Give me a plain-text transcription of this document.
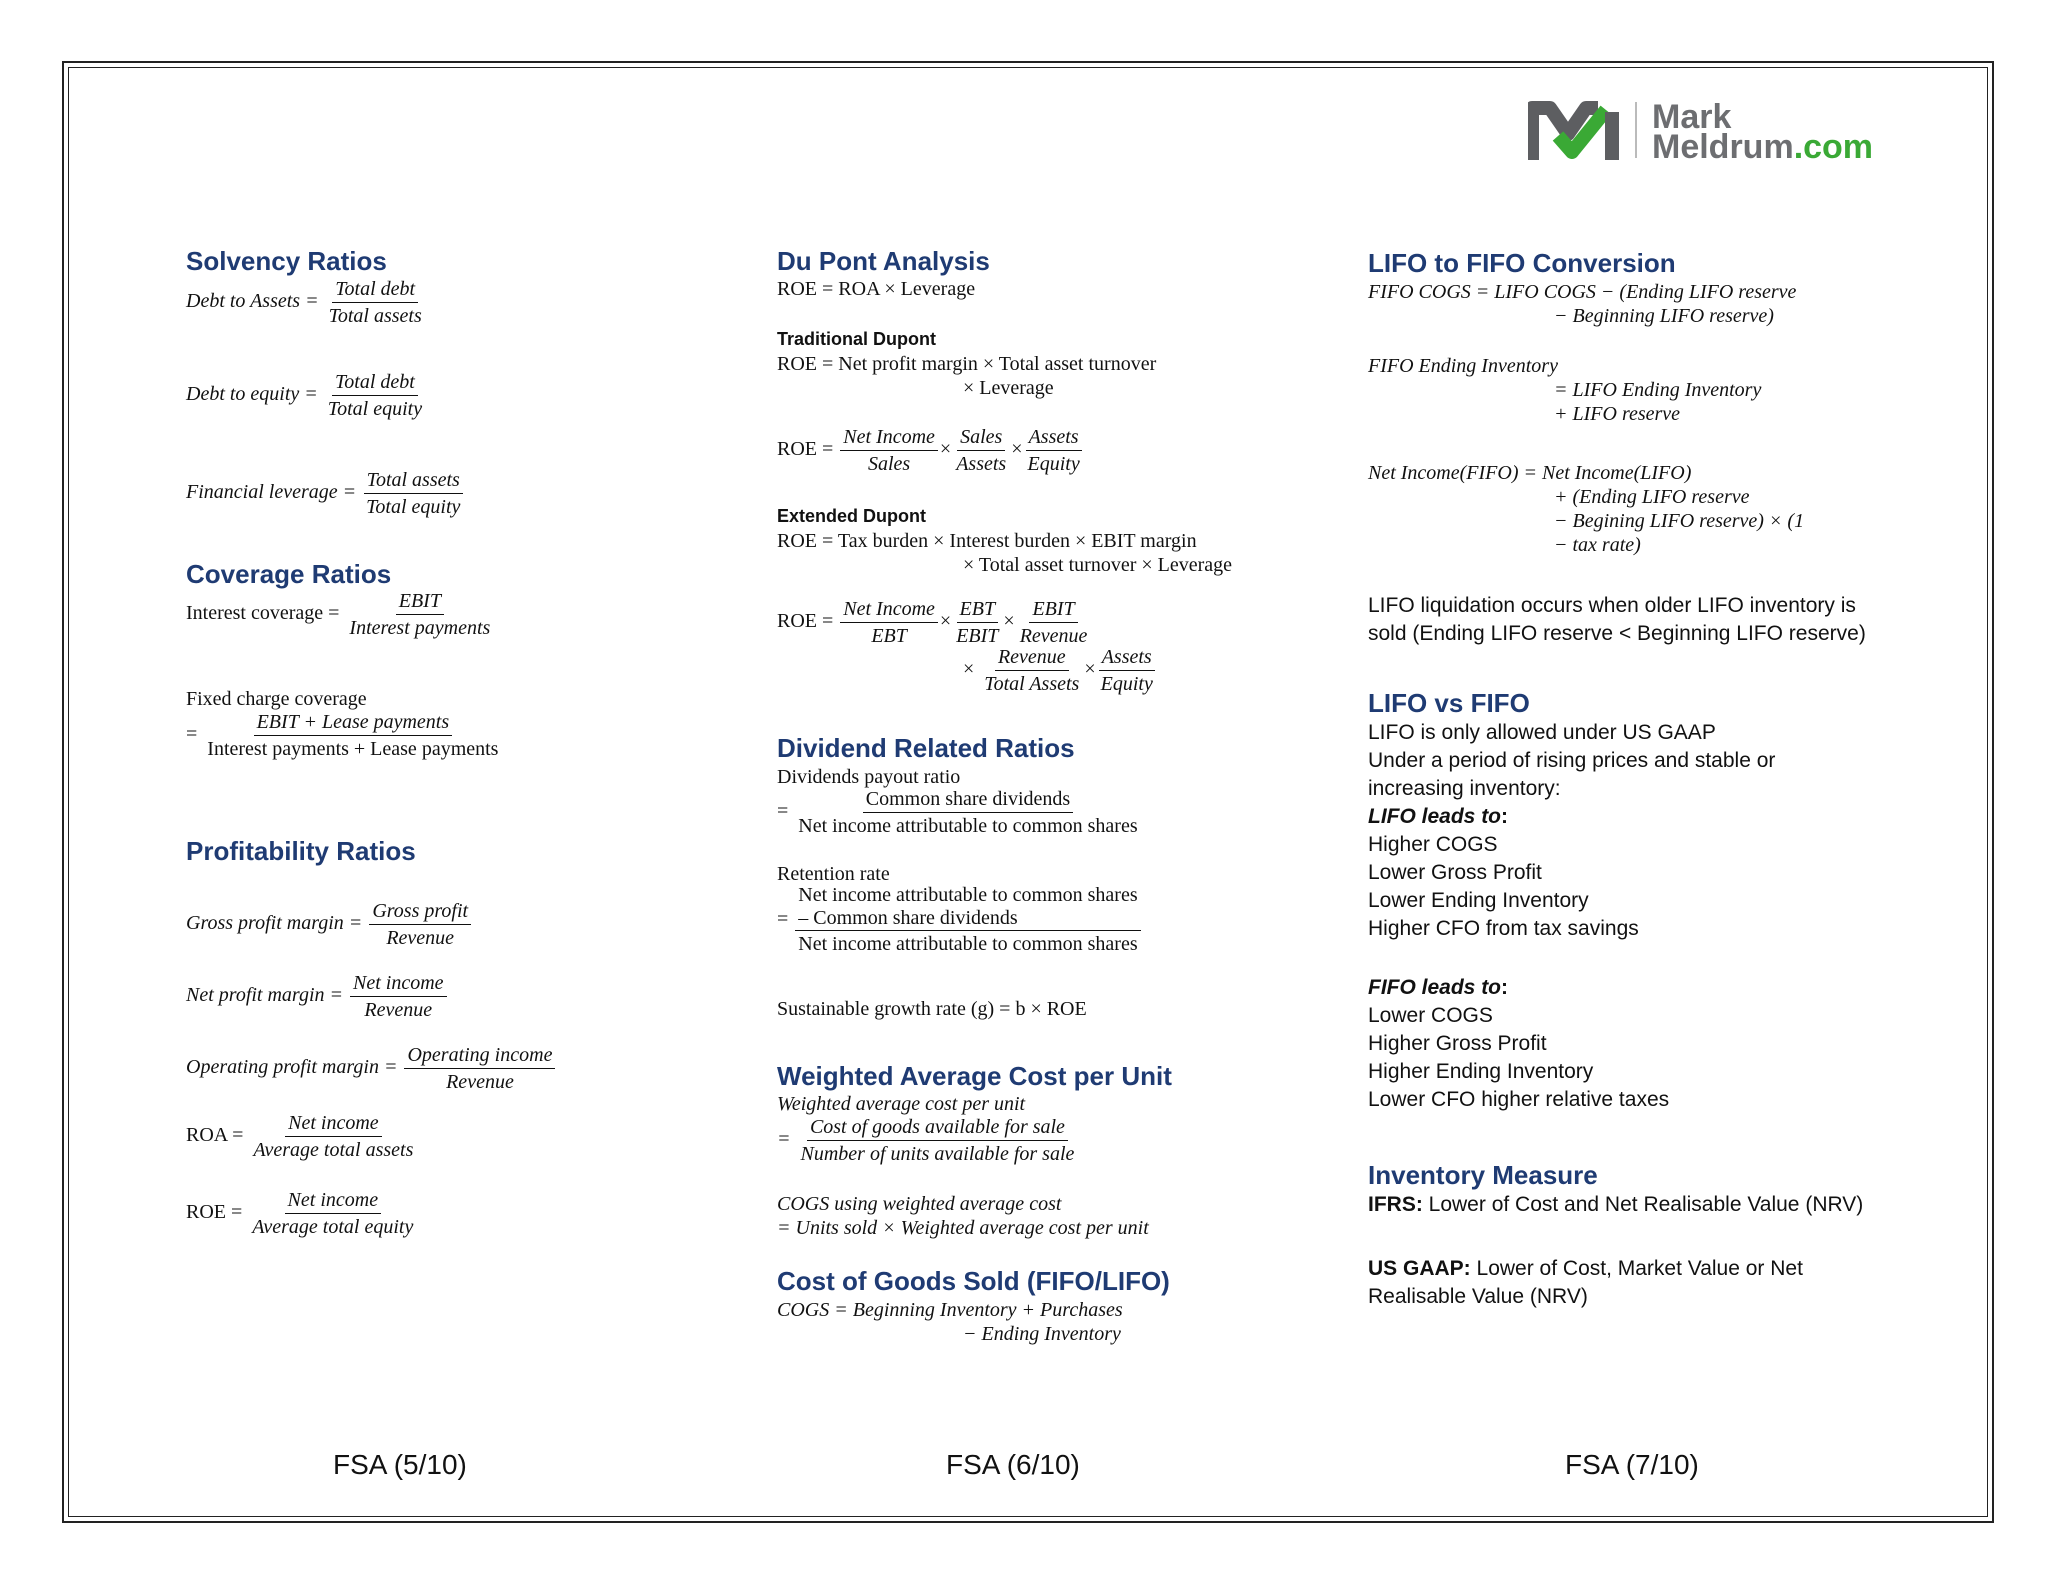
Mark
Meldrum.com
Solvency Ratios
Debt to Assets = $\frac{\text{Total debt}}{\text{Total assets}}$
Debt to equity = $\frac{\text{Total debt}}{\text{Total equity}}$
Financial leverage = $\frac{\text{Total assets}}{\text{Total equity}}$
Coverage Ratios
Interest coverage = $\frac{\text{EBIT}}{\text{Interest payments}}$
Fixed charge coverage
= $\frac{\text{EBIT + Lease payments}}{\text{Interest payments + Lease payments}}$
Profitability Ratios
Gross profit margin = $\frac{\text{Gross profit}}{\text{Revenue}}$
Net profit margin = $\frac{\text{Net income}}{\text{Revenue}}$
Operating profit margin = $\frac{\text{Operating income}}{\text{Revenue}}$
ROA = $\frac{\text{Net income}}{\text{Average total assets}}$
ROE = $\frac{\text{Net income}}{\text{Average total equity}}$
Du Pont Analysis
ROE = ROA × Leverage
Traditional Dupont
ROE = Net profit margin × Total asset turnover
× Leverage
ROE = $\frac{\text{Net Income}}{\text{Sales}} \times \frac{\text{Sales}}{\text{Assets}} \times \frac{\text{Assets}}{\text{Equity}}$
Extended Dupont
ROE = Tax burden × Interest burden × EBIT margin
× Total asset turnover × Leverage
ROE = $\frac{\text{Net Income}}{\text{EBT}} \times \frac{\text{EBT}}{\text{EBIT}} \times \frac{\text{EBIT}}{\text{Revenue}}$
× $\frac{\text{Revenue}}{\text{Total Assets}} \times \frac{\text{Assets}}{\text{Equity}}$
Dividend Related Ratios
Dividends payout ratio
= $\frac{\text{Common share dividends}}{\text{Net income attributable to common shares}}$
Retention rate
=
Net income attributable to common shares
– Common share dividends
Net income attributable to common shares
Sustainable growth rate (g) = b × ROE
Weighted Average Cost per Unit
Weighted average cost per unit
= $\frac{\text{Cost of goods available for sale}}{\text{Number of units available for sale}}$
COGS using weighted average cost
= Units sold × Weighted average cost per unit
Cost of Goods Sold (FIFO/LIFO)
COGS = Beginning Inventory + Purchases
− Ending Inventory
LIFO to FIFO Conversion
FIFO COGS = LIFO COGS − (Ending LIFO reserve
− Beginning LIFO reserve)
FIFO Ending Inventory
= LIFO Ending Inventory
+ LIFO reserve
Net Income(FIFO) = Net Income(LIFO)
+ (Ending LIFO reserve
− Begining LIFO reserve) × (1
− tax rate)
LIFO liquidation occurs when older LIFO inventory is
sold (Ending LIFO reserve < Beginning LIFO reserve)
LIFO vs FIFO
LIFO is only allowed under US GAAP
Under a period of rising prices and stable or
increasing inventory:
LIFO leads to:
Higher COGS
Lower Gross Profit
Lower Ending Inventory
Higher CFO from tax savings
FIFO leads to:
Lower COGS
Higher Gross Profit
Higher Ending Inventory
Lower CFO higher relative taxes
Inventory Measure
IFRS: Lower of Cost and Net Realisable Value (NRV)
US GAAP: Lower of Cost, Market Value or Net
Realisable Value (NRV)
FSA (5/10)	FSA (6/10)	FSA (7/10)
